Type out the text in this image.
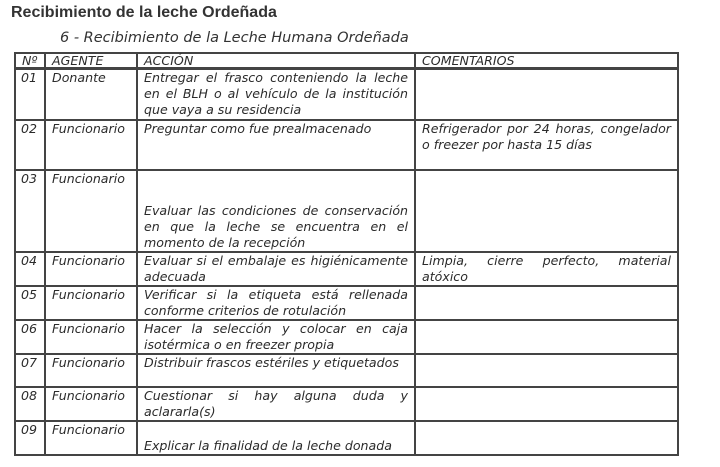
Recibimiento de la leche Ordeñada
6 - Recibimiento de la Leche Humana Ordeñada
Nº	AGENTE	ACCIÓN	COMENTARIOS
01	Donante	Entregar el frasco conteniendo la leche en el BLH o al vehículo de la institución que vaya a su residencia	
02	Funcionario	Preguntar como fue prealmacenado	Refrigerador por 24 horas, congelador o freezer por hasta 15 días
03	Funcionario	Evaluar las condiciones de conservación en que la leche se encuentra en el momento de la recepción	
04	Funcionario	Evaluar si el embalaje es higiénicamente adecuada	Limpia, cierre perfecto, material atóxico
05	Funcionario	Verificar si la etiqueta está rellenada conforme criterios de rotulación	
06	Funcionario	Hacer la selección y colocar en caja isotérmica o en freezer propia	
07	Funcionario	Distribuir frascos estériles y etiquetados	
08	Funcionario	Cuestionar si hay alguna duda y aclararla(s)	
09	Funcionario	Explicar la finalidad de la leche donada	
